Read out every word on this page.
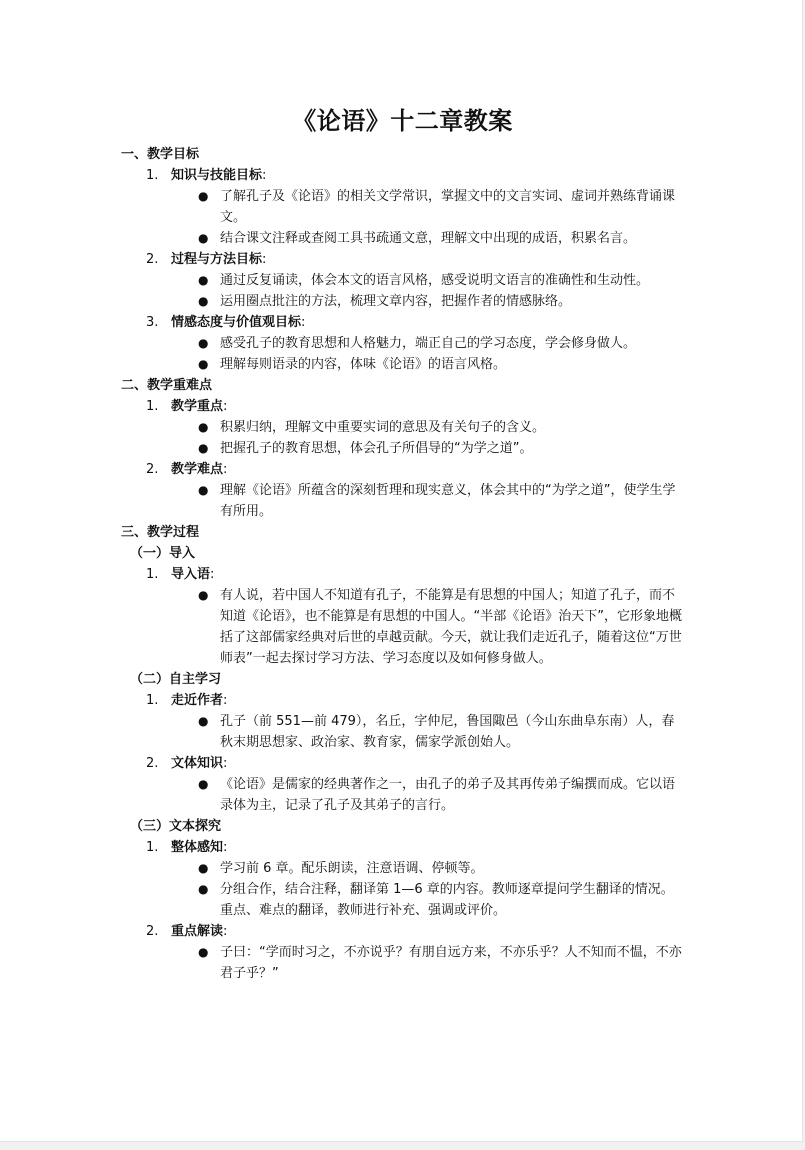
《论语》十二章教案
一、教学目标
1. 知识与技能目标:
● 了解孔子及《论语》的相关文学常识，掌握文中的文言实词、虚词并熟练背诵课文。
● 结合课文注释或查阅工具书疏通文意，理解文中出现的成语，积累名言。
2. 过程与方法目标:
● 通过反复诵读，体会本文的语言风格，感受说明文语言的准确性和生动性。
● 运用圈点批注的方法，梳理文章内容，把握作者的情感脉络。
3. 情感态度与价值观目标:
● 感受孔子的教育思想和人格魅力，端正自己的学习态度，学会修身做人。
● 理解每则语录的内容，体味《论语》的语言风格。
二、教学重难点
1. 教学重点:
● 积累归纳，理解文中重要实词的意思及有关句子的含义。
● 把握孔子的教育思想，体会孔子所倡导的“为学之道”。
2. 教学难点:
● 理解《论语》所蕴含的深刻哲理和现实意义，体会其中的“为学之道”，使学生学有所用。
三、教学过程
（一）导入
1. 导入语:
● 有人说，若中国人不知道有孔子，不能算是有思想的中国人；知道了孔子，而不知道《论语》，也不能算是有思想的中国人。“半部《论语》治天下”，它形象地概括了这部儒家经典对后世的卓越贡献。今天，就让我们走近孔子，随着这位“万世师表”一起去探讨学习方法、学习态度以及如何修身做人。
（二）自主学习
1. 走近作者:
● 孔子（前 551—前 479），名丘，字仲尼，鲁国陬邑（今山东曲阜东南）人，春秋末期思想家、政治家、教育家，儒家学派创始人。
2. 文体知识:
● 《论语》是儒家的经典著作之一，由孔子的弟子及其再传弟子编撰而成。它以语录体为主，记录了孔子及其弟子的言行。
（三）文本探究
1. 整体感知:
● 学习前 6 章。配乐朗读，注意语调、停顿等。
● 分组合作，结合注释，翻译第 1—6 章的内容。教师逐章提问学生翻译的情况。重点、难点的翻译，教师进行补充、强调或评价。
2. 重点解读:
● 子曰：“学而时习之，不亦说乎？有朋自远方来，不亦乐乎？人不知而不愠，不亦君子乎？”
